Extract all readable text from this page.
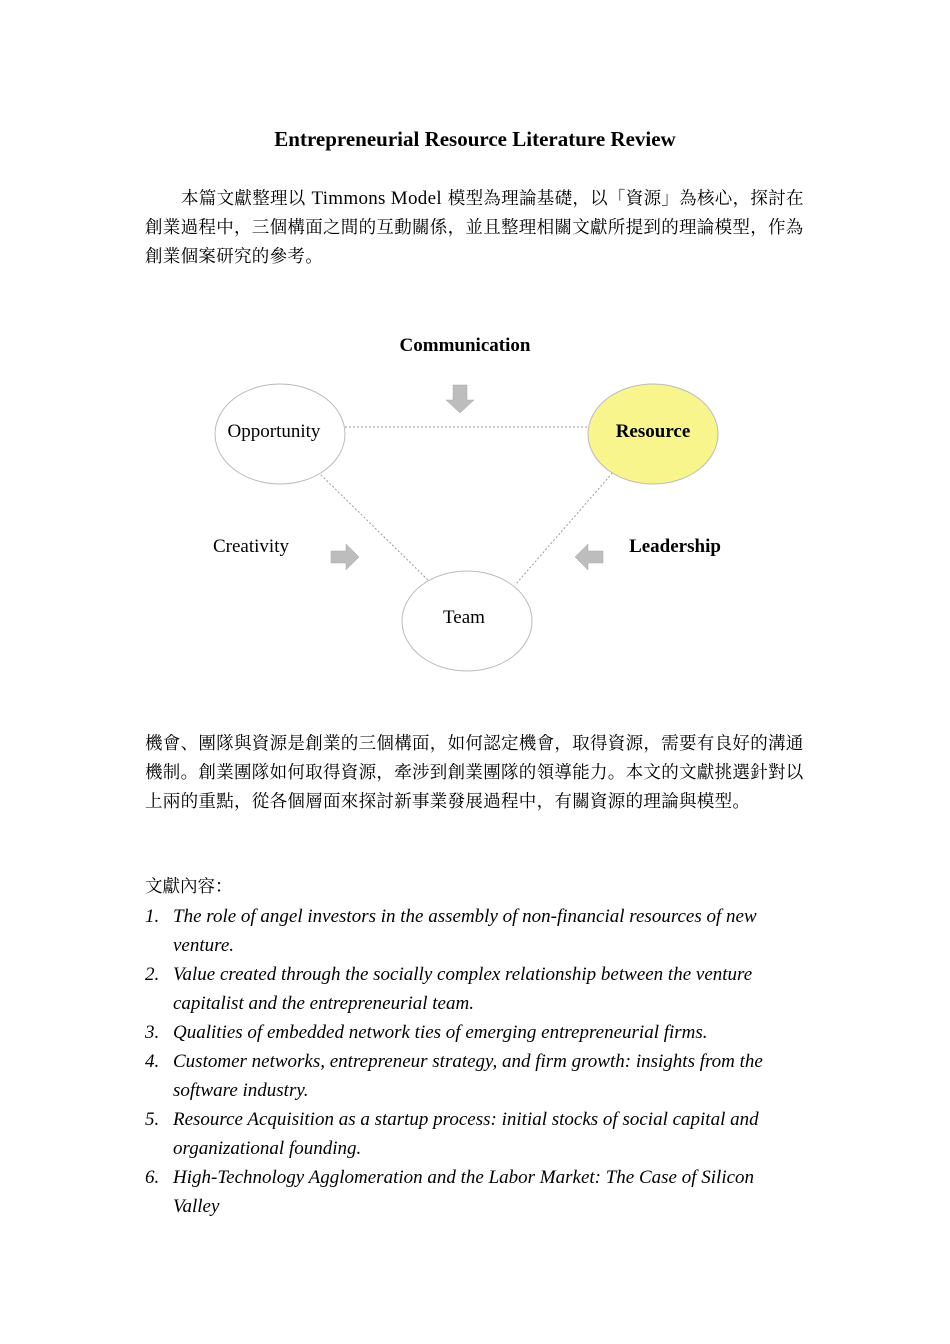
Entrepreneurial Resource Literature Review
本篇文獻整理以 Timmons Model 模型為理論基礎，以「資源」為核心，探討在創業過程中，三個構面之間的互動關係，並且整理相關文獻所提到的理論模型，作為創業個案研究的參考。
Communication
Opportunity	Resource
Creativity	Leadership
Team
機會、團隊與資源是創業的三個構面，如何認定機會，取得資源，需要有良好的溝通機制。創業團隊如何取得資源，牽涉到創業團隊的領導能力。本文的文獻挑選針對以上兩的重點，從各個層面來探討新事業發展過程中，有關資源的理論與模型。
文獻內容：
1. The role of angel investors in the assembly of non-financial resources of new venture.
2. Value created through the socially complex relationship between the venture capitalist and the entrepreneurial team.
3. Qualities of embedded network ties of emerging entrepreneurial firms.
4. Customer networks, entrepreneur strategy, and firm growth: insights from the software industry.
5. Resource Acquisition as a startup process: initial stocks of social capital and organizational founding.
6. High-Technology Agglomeration and the Labor Market: The Case of Silicon Valley
